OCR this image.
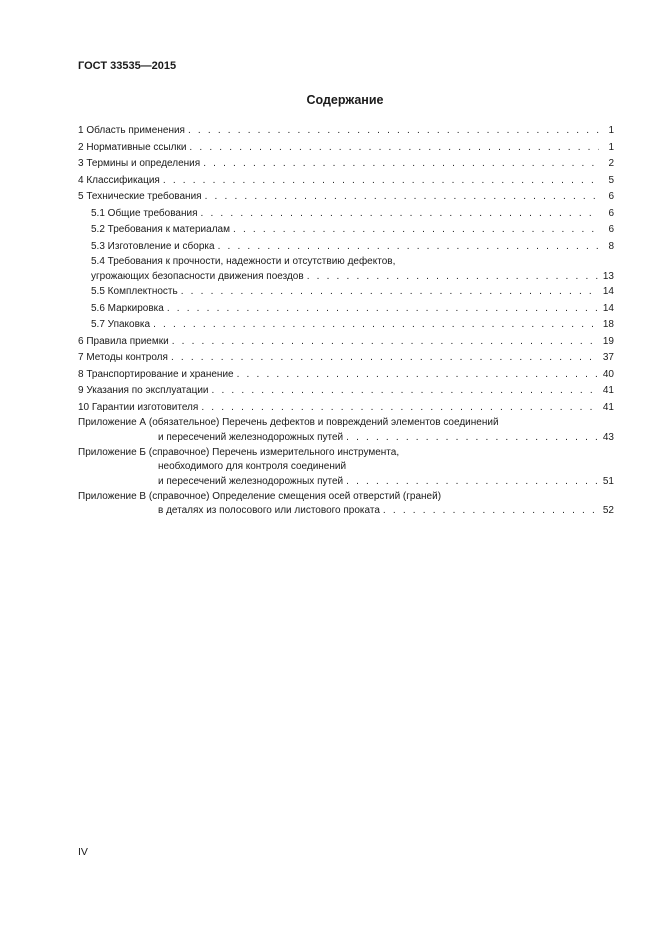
ГОСТ 33535—2015
Содержание
1 Область применения . . .	1
2 Нормативные ссылки . . .	1
3 Термины и определения . . .	2
4 Классификация . . .	5
5 Технические требования . . .	6
5.1 Общие требования . . .	6
5.2 Требования к материалам . . .	6
5.3 Изготовление и сборка . . .	8
5.4 Требования к прочности, надежности и отсутствию дефектов,
угрожающих безопасности движения поездов . . .	13
5.5 Комплектность . . .	14
5.6 Маркировка . . .	14
5.7 Упаковка . . .	18
6 Правила приемки . . .	19
7 Методы контроля . . .	37
8 Транспортирование и хранение . . .	40
9 Указания по эксплуатации . . .	41
10 Гарантии изготовителя . . .	41
Приложение А (обязательное) Перечень дефектов и повреждений элементов соединений
и пересечений железнодорожных путей . . .	43
Приложение Б (справочное) Перечень измерительного инструмента,
необходимого для контроля соединений
и пересечений железнодорожных путей . . .	51
Приложение В (справочное) Определение смещения осей отверстий (граней)
в деталях из полосового или листового проката . . .	52
IV
